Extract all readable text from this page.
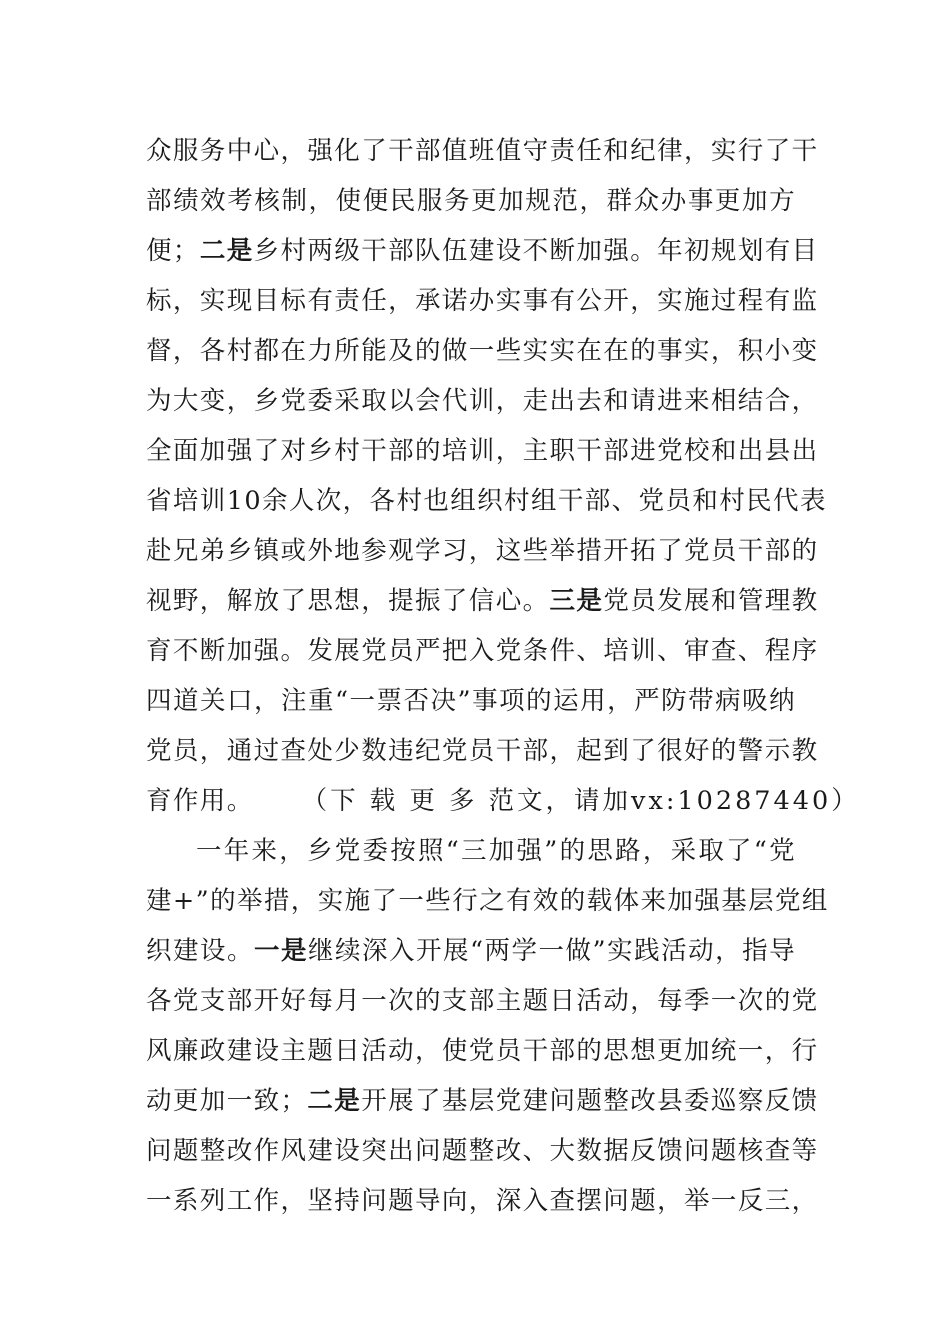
众服务中心，强化了干部值班值守责任和纪律，实行了干
部绩效考核制，使便民服务更加规范，群众办事更加方
便；二是乡村两级干部队伍建设不断加强。年初规划有目
标，实现目标有责任，承诺办实事有公开，实施过程有监
督，各村都在力所能及的做一些实实在在的事实，积小变
为大变，乡党委采取以会代训，走出去和请进来相结合，
全面加强了对乡村干部的培训，主职干部进党校和出县出
省培训10余人次，各村也组织村组干部、党员和村民代表
赴兄弟乡镇或外地参观学习，这些举措开拓了党员干部的
视野，解放了思想，提振了信心。三是党员发展和管理教
育不断加强。发展党员严把入党条件、培训、审查、程序
四道关口，注重“一票否决”事项的运用，严防带病吸纳
党员，通过查处少数违纪党员干部，起到了很好的警示教
育作用。 （下 载 更 多 范文，请加vx:10287440）
一年来，乡党委按照“三加强”的思路，采取了“党
建+”的举措，实施了一些行之有效的载体来加强基层党组
织建设。一是继续深入开展“两学一做”实践活动，指导
各党支部开好每月一次的支部主题日活动，每季一次的党
风廉政建设主题日活动，使党员干部的思想更加统一，行
动更加一致；二是开展了基层党建问题整改县委巡察反馈
问题整改作风建设突出问题整改、大数据反馈问题核查等
一系列工作，坚持问题导向，深入查摆问题，举一反三，
